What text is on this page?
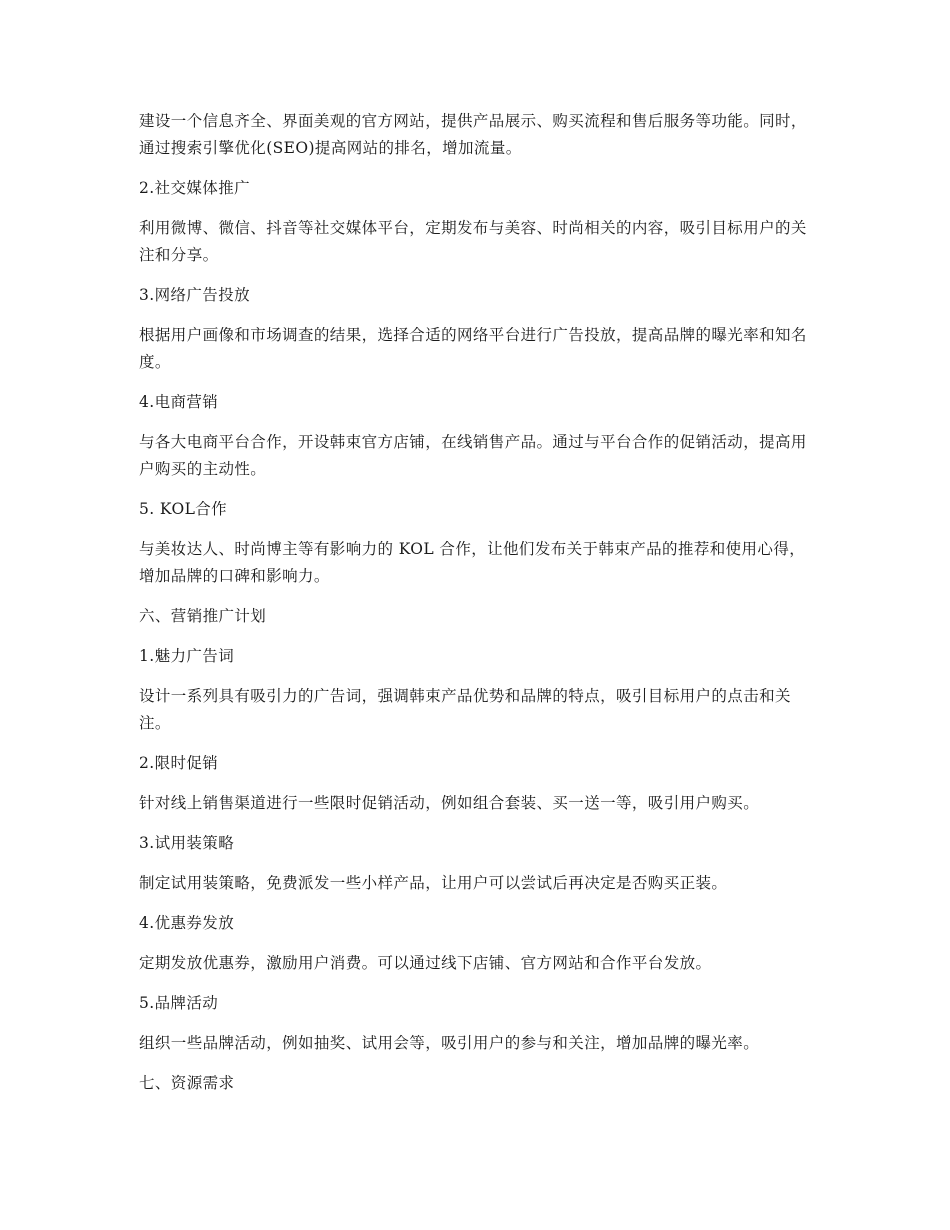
建设一个信息齐全、界面美观的官方网站，提供产品展示、购买流程和售后服务等功能。同时，通过搜索引擎优化(SEO)提高网站的排名，增加流量。

2.社交媒体推广

利用微博、微信、抖音等社交媒体平台，定期发布与美容、时尚相关的内容，吸引目标用户的关注和分享。

3.网络广告投放

根据用户画像和市场调查的结果，选择合适的网络平台进行广告投放，提高品牌的曝光率和知名度。

4.电商营销

与各大电商平台合作，开设韩束官方店铺，在线销售产品。通过与平台合作的促销活动，提高用户购买的主动性。

5. KOL合作

与美妆达人、时尚博主等有影响力的 KOL 合作，让他们发布关于韩束产品的推荐和使用心得，增加品牌的口碑和影响力。

六、营销推广计划

1.魅力广告词

设计一系列具有吸引力的广告词，强调韩束产品优势和品牌的特点，吸引目标用户的点击和关注。

2.限时促销

针对线上销售渠道进行一些限时促销活动，例如组合套装、买一送一等，吸引用户购买。

3.试用装策略

制定试用装策略，免费派发一些小样产品，让用户可以尝试后再决定是否购买正装。

4.优惠券发放

定期发放优惠券，激励用户消费。可以通过线下店铺、官方网站和合作平台发放。

5.品牌活动

组织一些品牌活动，例如抽奖、试用会等，吸引用户的参与和关注，增加品牌的曝光率。

七、资源需求
